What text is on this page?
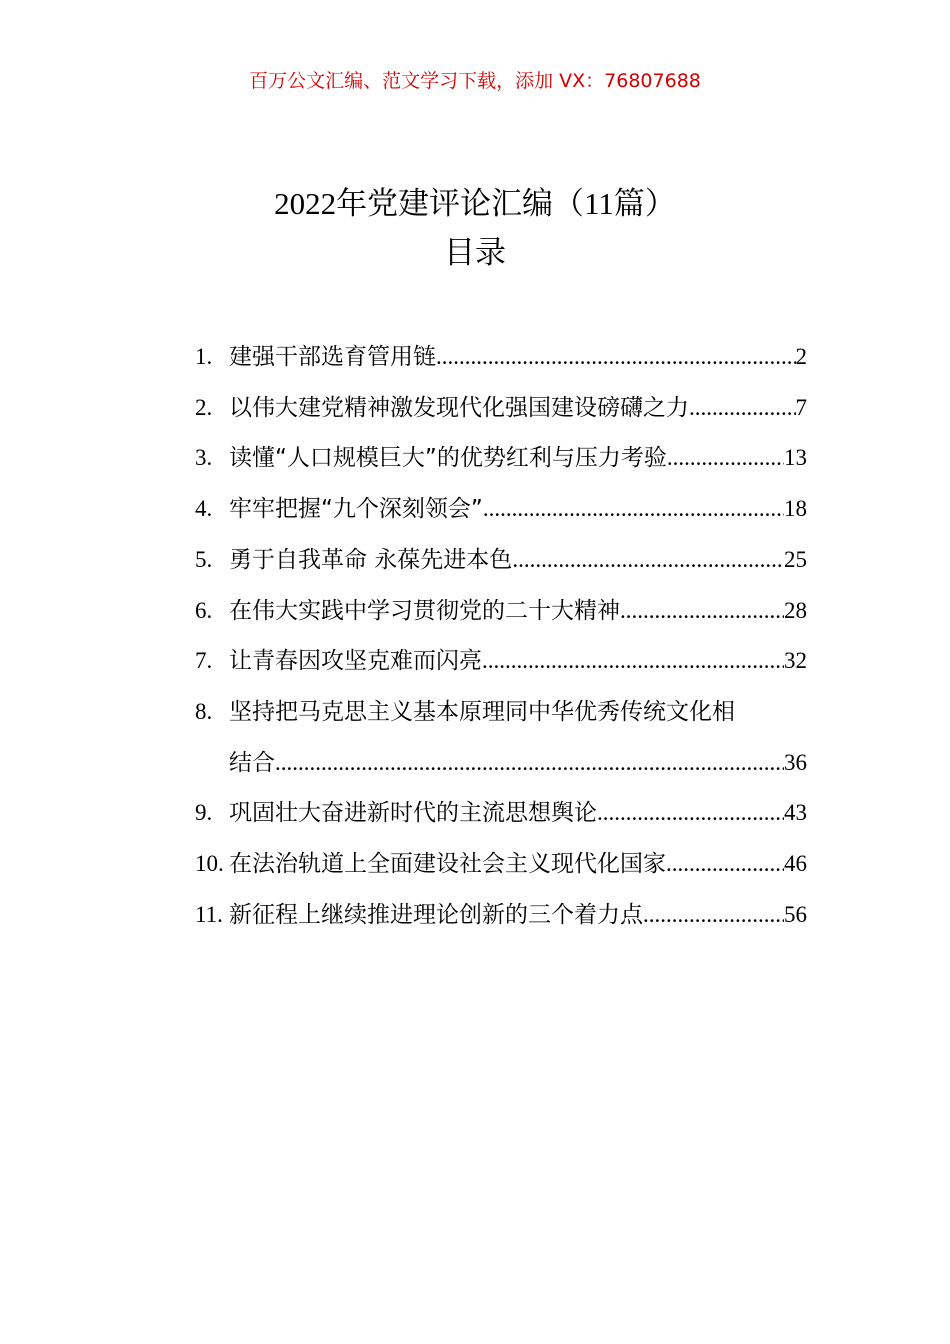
百万公文汇编、范文学习下载，添加 VX：76807688
2022年党建评论汇编（11篇）
目录
1. 建强干部选育管用链 .....	2
2. 以伟大建党精神激发现代化强国建设磅礴之力 .....	7
3. 读懂“人口规模巨大”的优势红利与压力考验 .....	13
4. 牢牢把握“九个深刻领会” .....	18
5. 勇于自我革命 永葆先进本色 .....	25
6. 在伟大实践中学习贯彻党的二十大精神 .....	28
7. 让青春因攻坚克难而闪亮 .....	32
8. 坚持把马克思主义基本原理同中华优秀传统文化相
结合 .....	36
9. 巩固壮大奋进新时代的主流思想舆论 .....	43
10. 在法治轨道上全面建设社会主义现代化国家 .....	46
11. 新征程上继续推进理论创新的三个着力点 .....	56
